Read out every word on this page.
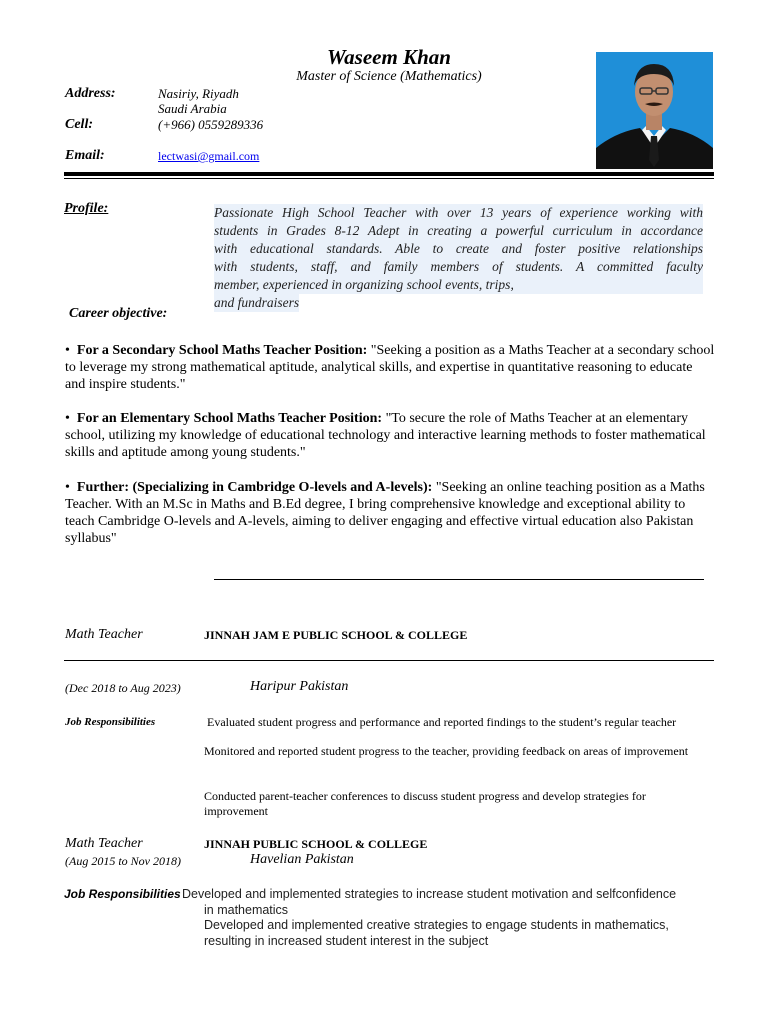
Waseem Khan
Master of Science (Mathematics)
Address:	Nasiriy, Riyadh
Saudi Arabia
Cell:	(+966) 0559289336
Email:	lectwasi@gmail.com
Profile:	Passionate High School Teacher with over 13 years of experience working with
students in Grades 8-12 Adept in creating a powerful curriculum in accordance
with educational standards. Able to create and foster positive relationships
with students, staff, and family members of students. A committed faculty
member, experienced in organizing school events, trips,
and fundraisers
Career objective:
•  For a Secondary School Maths Teacher Position: "Seeking a position as a Maths Teacher at a secondary school to leverage my strong mathematical aptitude, analytical skills, and expertise in quantitative reasoning to educate and inspire students."
•  For an Elementary School Maths Teacher Position: "To secure the role of Maths Teacher at an elementary school, utilizing my knowledge of educational technology and interactive learning methods to foster mathematical skills and aptitude among young students."
•  Further: (Specializing in Cambridge O-levels and A-levels): "Seeking an online teaching position as a Maths Teacher. With an M.Sc in Maths and B.Ed degree, I bring comprehensive knowledge and exceptional ability to teach Cambridge O-levels and A-levels, aiming to deliver engaging and effective virtual education also Pakistan syllabus"
Math Teacher	JINNAH JAM E PUBLIC SCHOOL & COLLEGE
(Dec 2018 to Aug 2023)	Haripur Pakistan
Job Responsibilities	Evaluated student progress and performance and reported findings to the student’s regular teacher
Monitored and reported student progress to the teacher, providing feedback on areas of improvement
Conducted parent-teacher conferences to discuss student progress and develop strategies for improvement
Math Teacher	JINNAH PUBLIC SCHOOL & COLLEGE
(Aug 2015 to Nov 2018)	Havelian Pakistan
Job Responsibilities Developed and implemented strategies to increase student motivation and selfconfidence
in mathematics
Developed and implemented creative strategies to engage students in mathematics,
resulting in increased student interest in the subject
